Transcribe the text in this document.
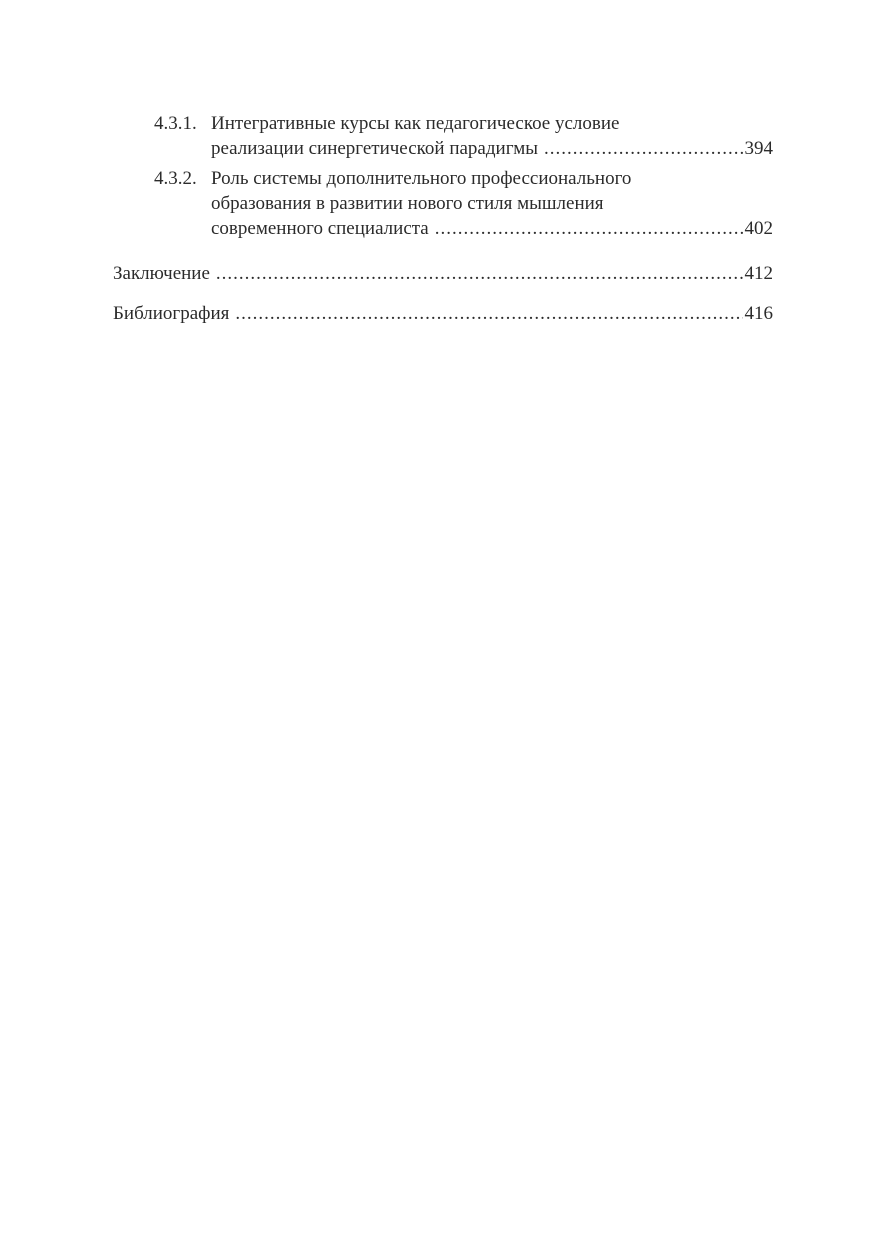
4.3.1. Интегративные курсы как педагогическое условие
реализации синергетической парадигмы .....	394
4.3.2. Роль системы дополнительного профессионального
образования в развитии нового стиля мышления
современного специалиста .....	402
Заключение .....	412
Библиография .....	416
